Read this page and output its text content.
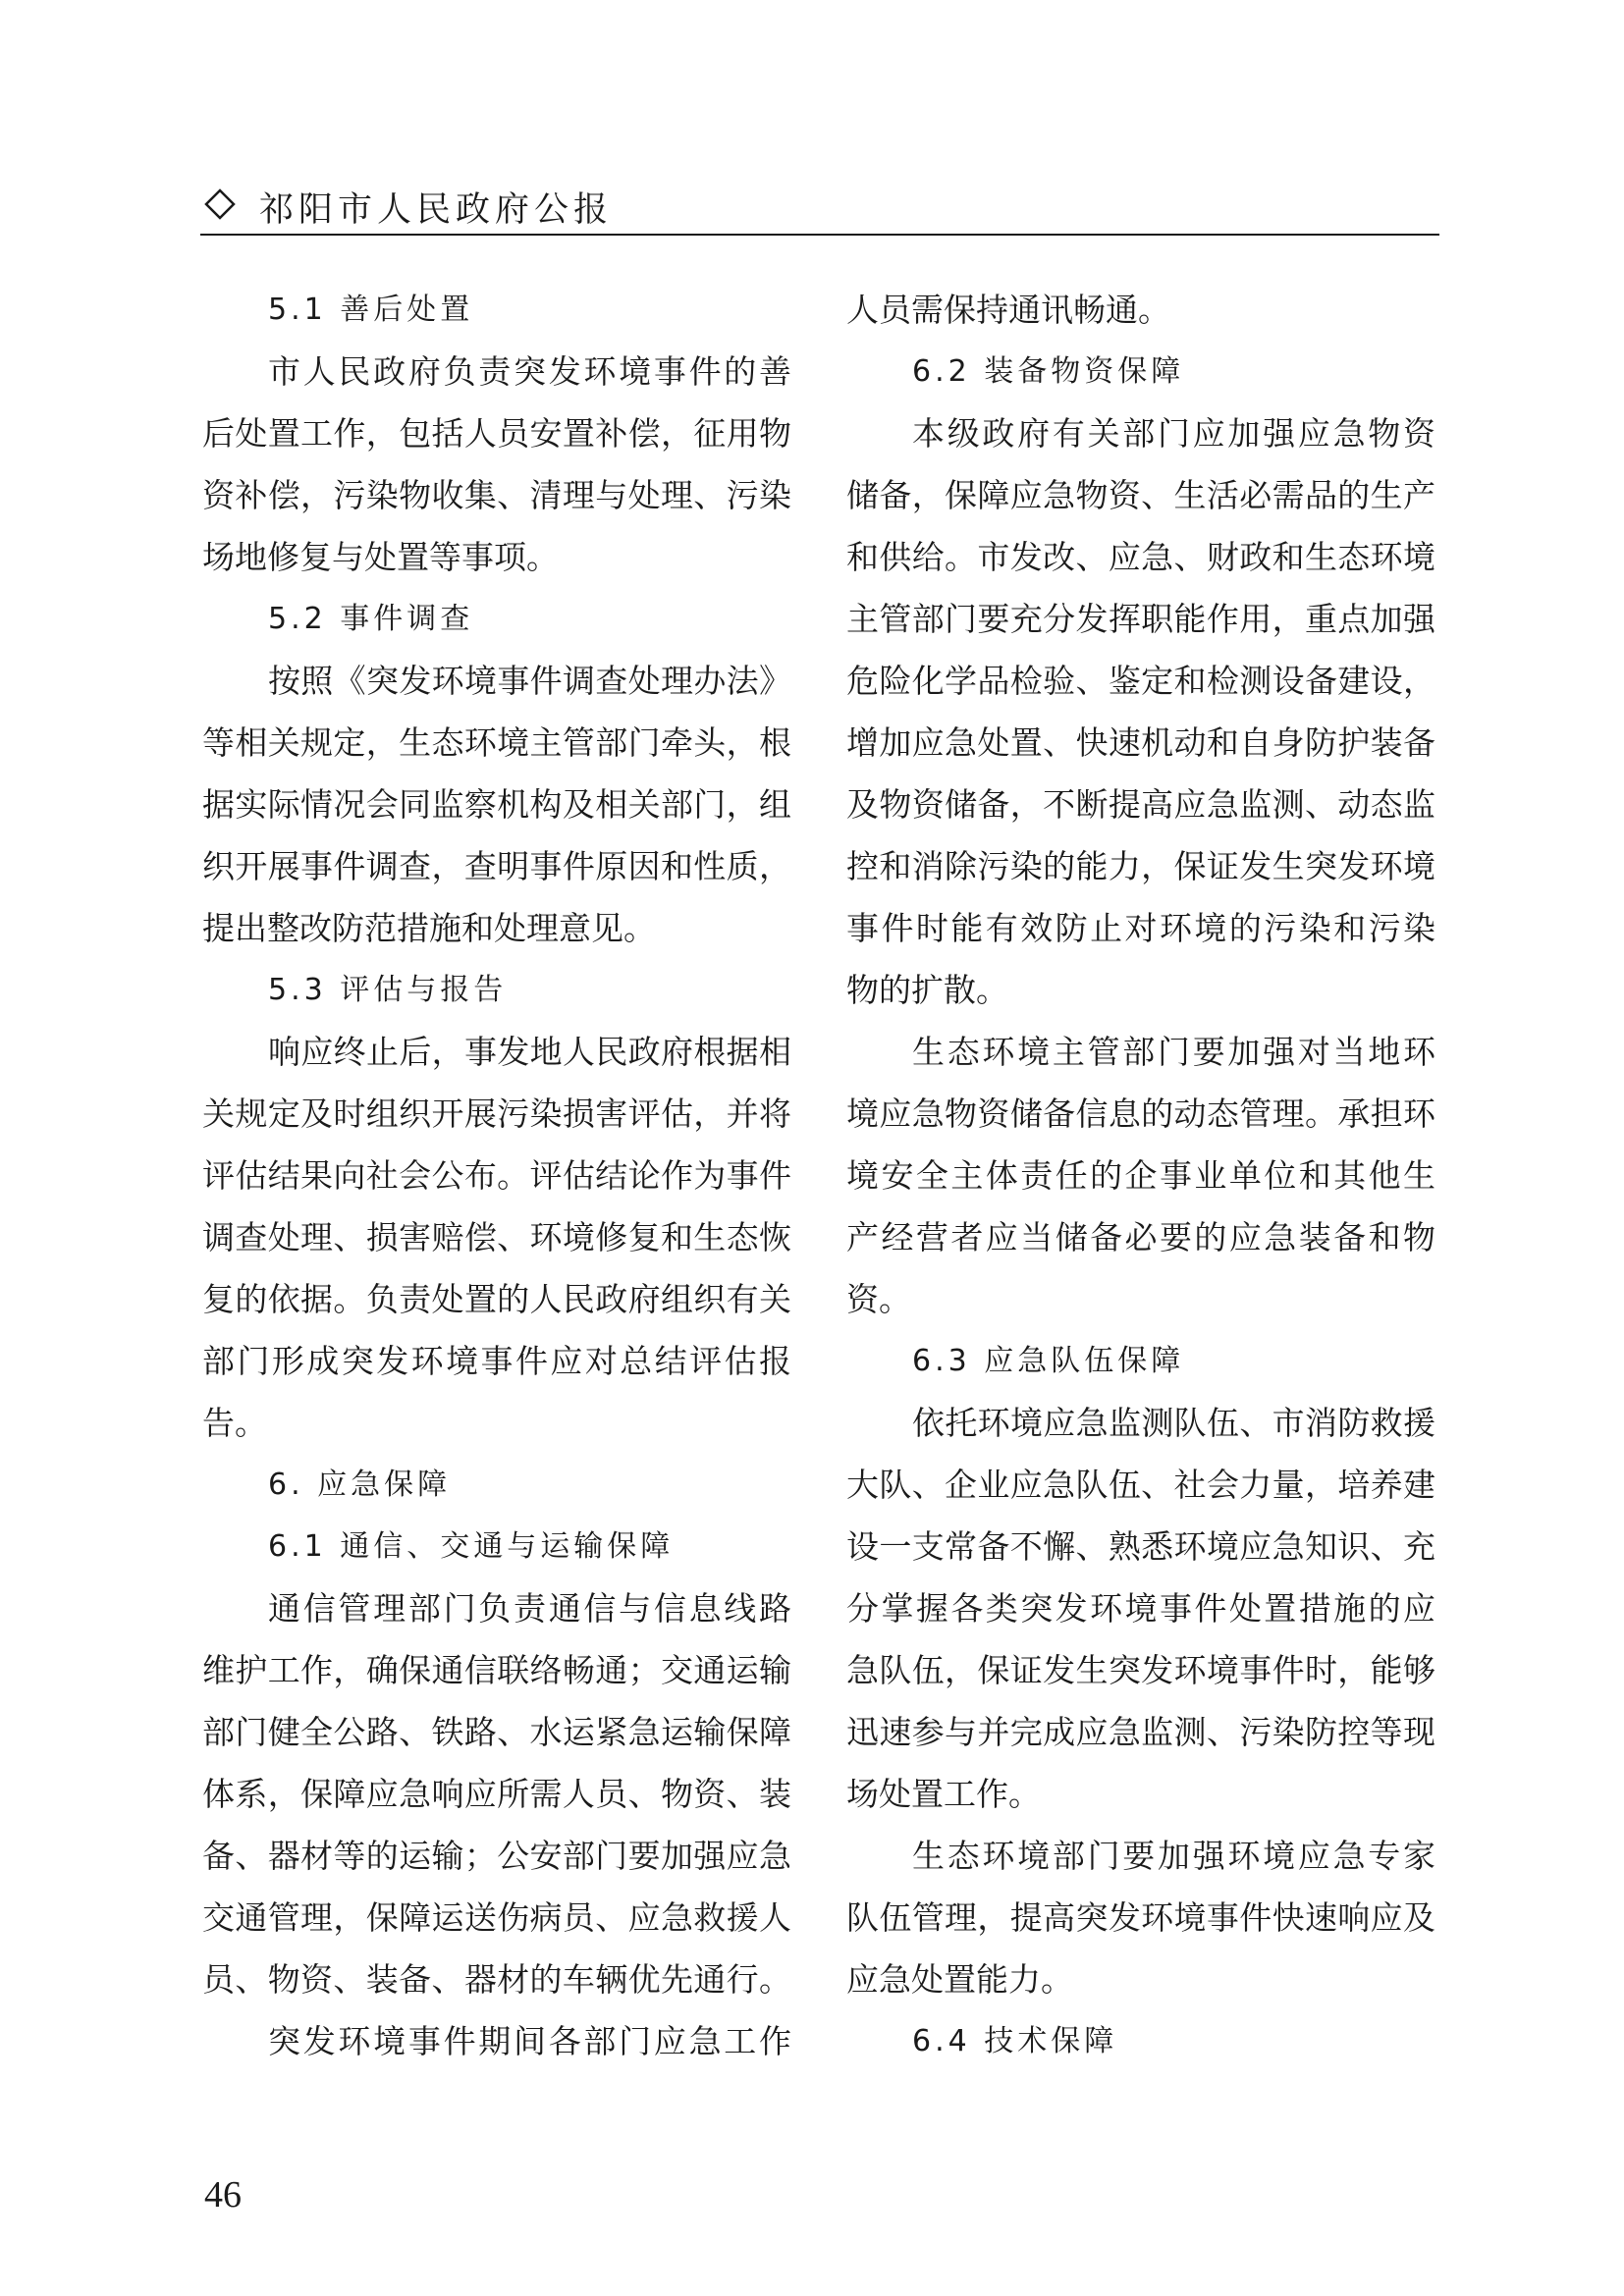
祁阳市人民政府公报
5.1 善后处置
市人民政府负责突发环境事件的善
后处置工作，包括人员安置补偿，征用物
资补偿，污染物收集、清理与处理、污染
场地修复与处置等事项。
5.2 事件调查
按照《突发环境事件调查处理办法》
等相关规定，生态环境主管部门牵头，根
据实际情况会同监察机构及相关部门，组
织开展事件调查，查明事件原因和性质，
提出整改防范措施和处理意见。
5.3 评估与报告
响应终止后，事发地人民政府根据相
关规定及时组织开展污染损害评估，并将
评估结果向社会公布。评估结论作为事件
调查处理、损害赔偿、环境修复和生态恢
复的依据。负责处置的人民政府组织有关
部门形成突发环境事件应对总结评估报
告。
6. 应急保障
6.1 通信、交通与运输保障
通信管理部门负责通信与信息线路
维护工作，确保通信联络畅通；交通运输
部门健全公路、铁路、水运紧急运输保障
体系，保障应急响应所需人员、物资、装
备、器材等的运输；公安部门要加强应急
交通管理，保障运送伤病员、应急救援人
员、物资、装备、器材的车辆优先通行。
突发环境事件期间各部门应急工作
人员需保持通讯畅通。
6.2 装备物资保障
本级政府有关部门应加强应急物资
储备，保障应急物资、生活必需品的生产
和供给。市发改、应急、财政和生态环境
主管部门要充分发挥职能作用，重点加强
危险化学品检验、鉴定和检测设备建设，
增加应急处置、快速机动和自身防护装备
及物资储备，不断提高应急监测、动态监
控和消除污染的能力，保证发生突发环境
事件时能有效防止对环境的污染和污染
物的扩散。
生态环境主管部门要加强对当地环
境应急物资储备信息的动态管理。承担环
境安全主体责任的企事业单位和其他生
产经营者应当储备必要的应急装备和物
资。
6.3 应急队伍保障
依托环境应急监测队伍、市消防救援
大队、企业应急队伍、社会力量，培养建
设一支常备不懈、熟悉环境应急知识、充
分掌握各类突发环境事件处置措施的应
急队伍，保证发生突发环境事件时，能够
迅速参与并完成应急监测、污染防控等现
场处置工作。
生态环境部门要加强环境应急专家
队伍管理，提高突发环境事件快速响应及
应急处置能力。
6.4 技术保障
46
